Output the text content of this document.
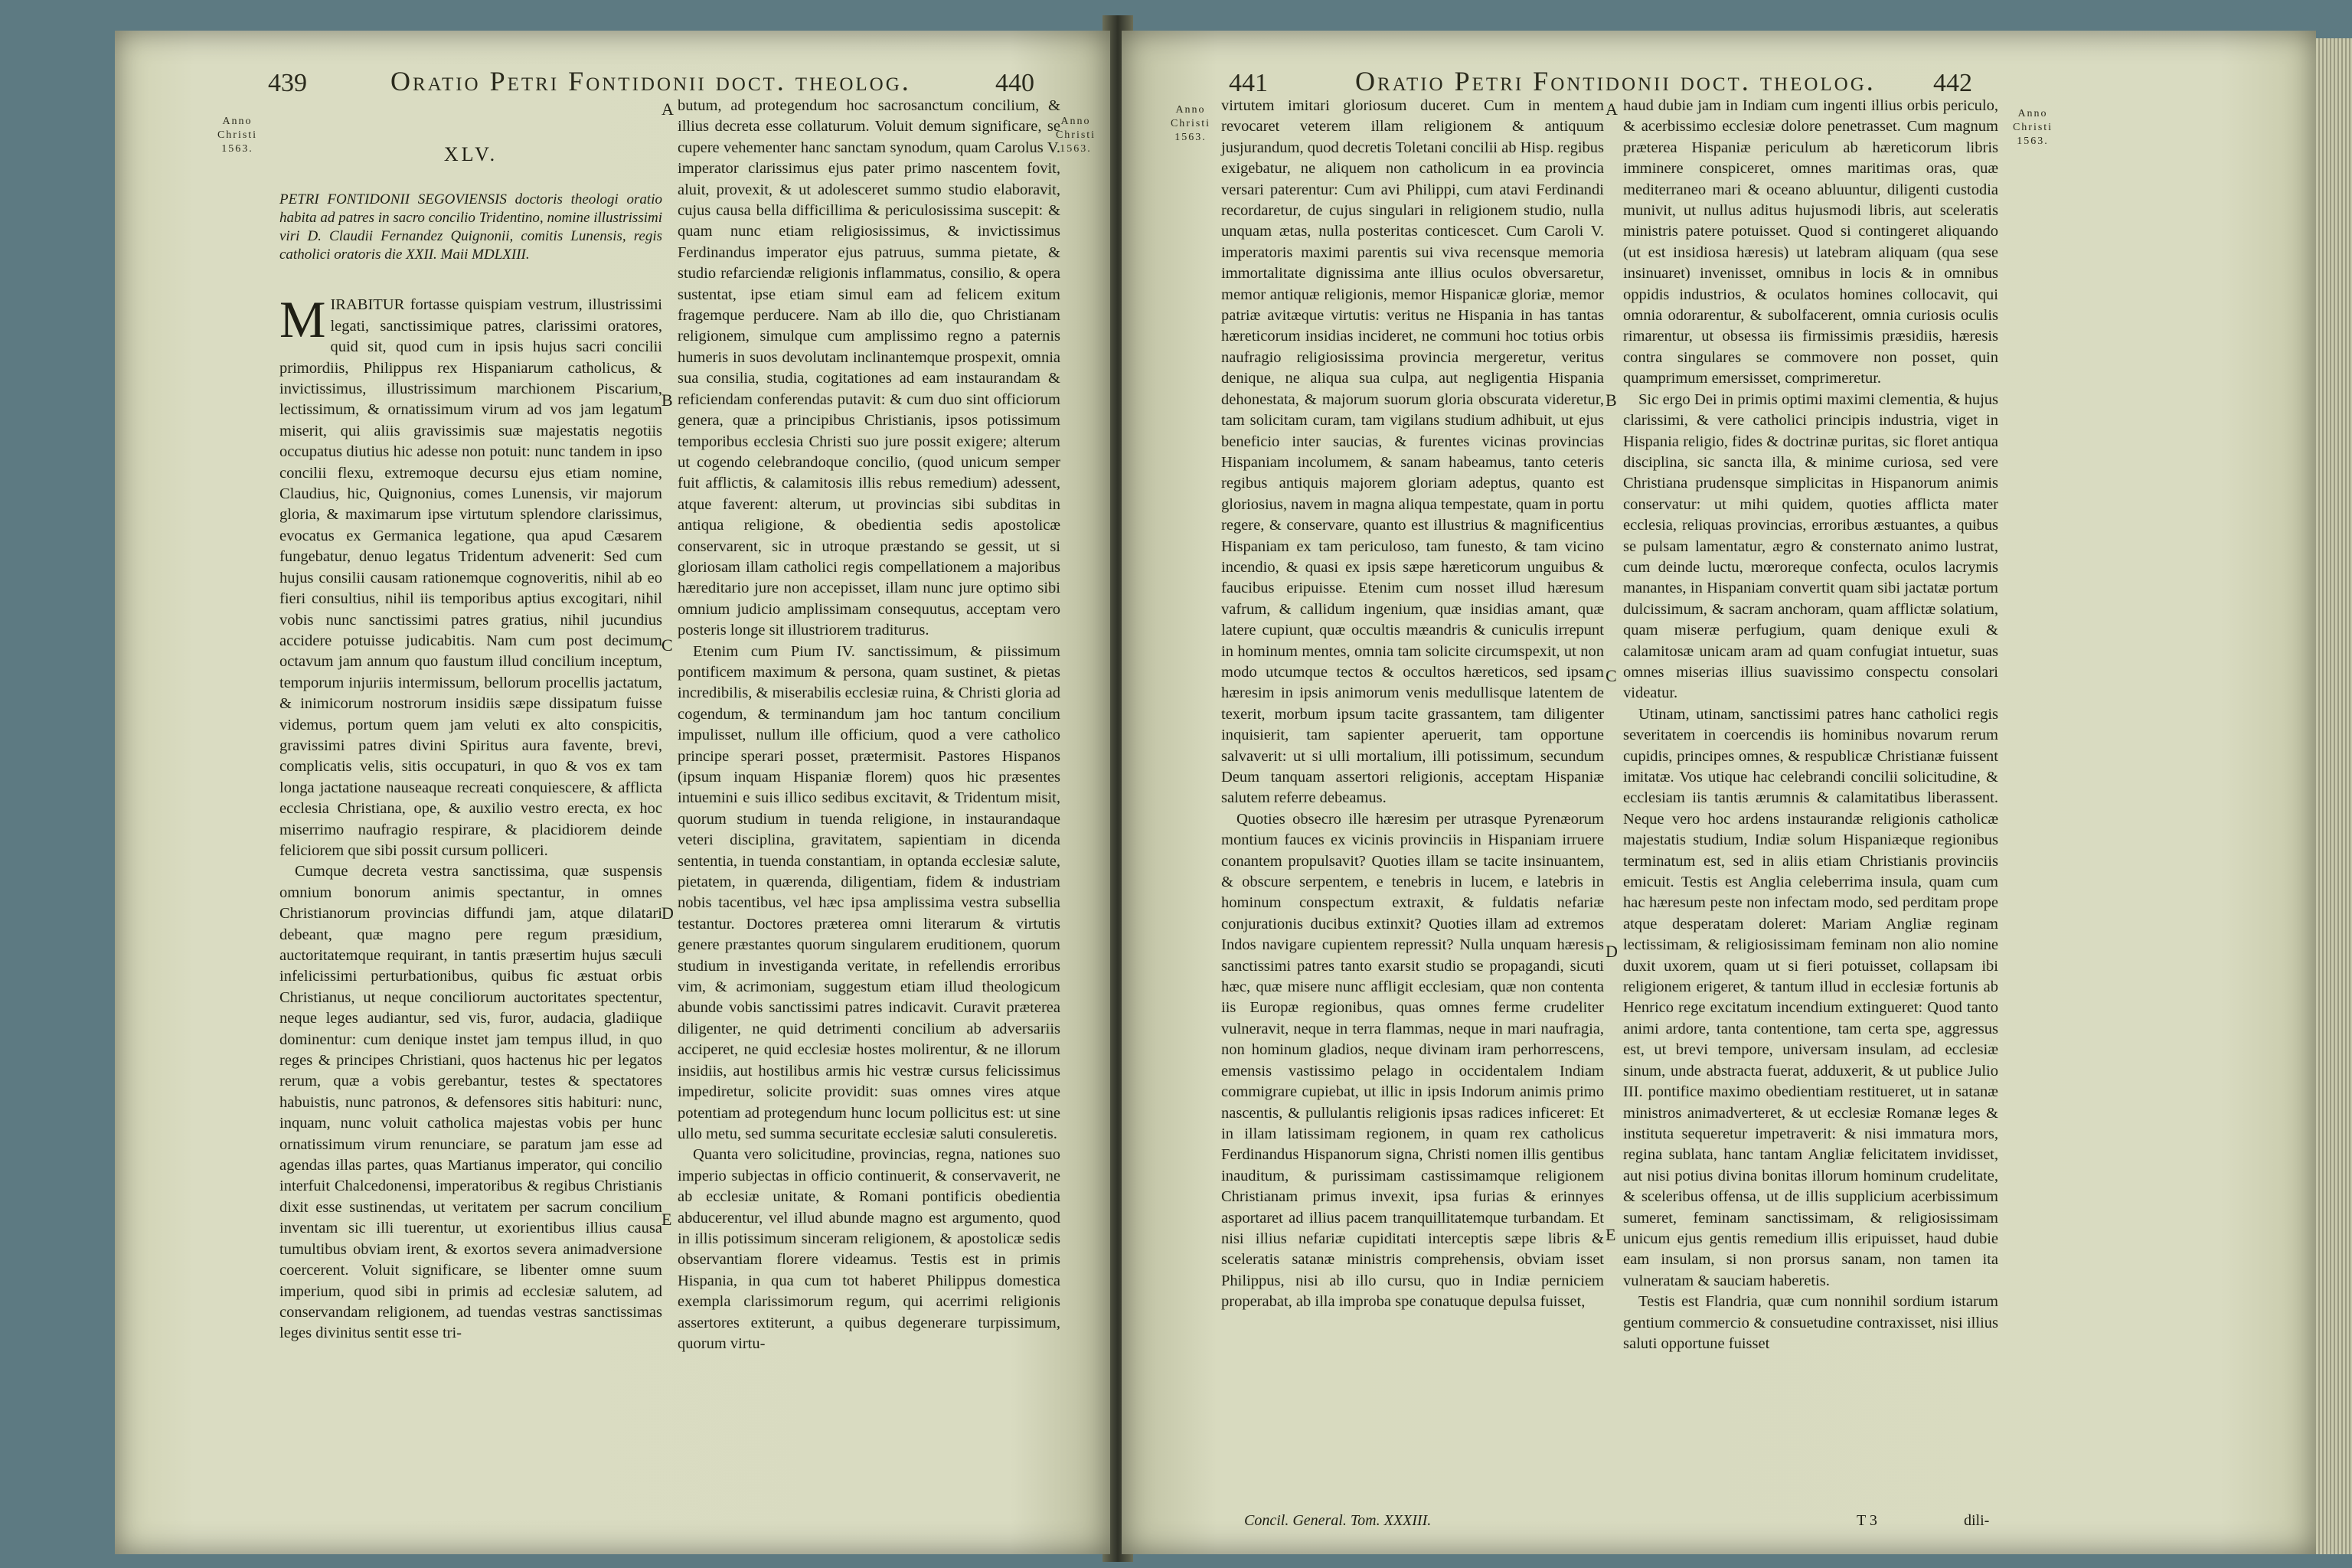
439	Oratio Petri Fontidonii doct. theolog.	440
Anno
Christi
1563.
Anno
Christi
1563.
XLV.

PETRI FONTIDONII SEGOVIENSIS doctoris theologi oratio habita ad patres in sacro concilio Tridentino, nomine illustrissimi viri D. Claudii Fernandez Quignonii, comitis Lunensis, regis catholici oratoris die XXII. Maii MDLXIII.

MIRABITUR fortasse quispiam vestrum, illustrissimi legati, sanctissimique patres, clarissimi oratores, quid sit, quod cum in ipsis hujus sacri concilii primordiis, Philippus rex Hispaniarum catholicus, & invictissimus, illustrissimum marchionem Piscarium, lectissimum, & ornatissimum virum ad vos jam legatum miserit, qui aliis gravissimis suæ majestatis negotiis occupatus diutius hic adesse non potuit: nunc tandem in ipso concilii flexu, extremoque decursu ejus etiam nomine, Claudius, hic, Quignonius, comes Lunensis, vir majorum gloria, & maximarum ipse virtutum splendore clarissimus, evocatus ex Germanica legatione, qua apud Cæsarem fungebatur, denuo legatus Tridentum advenerit: Sed cum hujus consilii causam rationemque cognoveritis, nihil ab eo fieri consultius, nihil iis temporibus aptius excogitari, nihil vobis nunc sanctissimi patres gratius, nihil jucundius accidere potuisse judicabitis. Nam cum post decimum octavum jam annum quo faustum illud concilium inceptum, temporum injuriis intermissum, bellorum procellis jactatum, & inimicorum nostrorum insidiis sæpe dissipatum fuisse videmus, portum quem jam veluti ex alto conspicitis, gravissimi patres divini Spiritus aura favente, brevi, complicatis velis, sitis occupaturi, in quo & vos ex tam longa jactatione nauseaque recreati conquiescere, & afflicta ecclesia Christiana, ope, & auxilio vestro erecta, ex hoc miserrimo naufragio respirare, & placidiorem deinde feliciorem que sibi possit cursum polliceri.

Cumque decreta vestra sanctissima, quæ suspensis omnium bonorum animis spectantur, in omnes Christianorum provincias diffundi jam, atque dilatari debeant, quæ magno pere regum præsidium, auctoritatemque requirant, in tantis præsertim hujus sæculi infelicissimi perturbationibus, quibus fic æstuat orbis Christianus, ut neque conciliorum auctoritates spectentur, neque leges audiantur, sed vis, furor, audacia, gladiique dominentur: cum denique instet jam tempus illud, in quo reges & principes Christiani, quos hactenus hic per legatos rerum, quæ a vobis gerebantur, testes & spectatores habuistis, nunc patronos, & defensores sitis habituri: nunc, inquam, nunc voluit catholica majestas vobis per hunc ornatissimum virum renunciare, se paratum jam esse ad agendas illas partes, quas Martianus imperator, qui concilio interfuit Chalcedonensi, imperatoribus & regibus Christianis dixit esse sustinendas, ut veritatem per sacrum concilium inventam sic illi tuerentur, ut exorientibus illius causa tumultibus obviam irent, & exortos severa animadversione coercerent. Voluit significare, se libenter omne suum imperium, quod sibi in primis ad ecclesiæ salutem, ad conservandam religionem, ad tuendas vestras sanctissimas leges divinitus sentit esse tri-

butum, ad protegendum hoc sacrosanctum concilium, & illius decreta esse collaturum. Voluit demum significare, se cupere vehementer hanc sanctam synodum, quam Carolus V. imperator clarissimus ejus pater primo nascentem fovit, aluit, provexit, & ut adolesceret summo studio elaboravit, cujus causa bella difficillima & periculosissima suscepit: & quam nunc etiam religiosissimus, & invictissimus Ferdinandus imperator ejus patruus, summa pietate, & studio refarciendæ religionis inflammatus, consilio, & opera sustentat, ipse etiam simul eam ad felicem exitum fragemque perducere. Nam ab illo die, quo Christianam religionem, simulque cum amplissimo regno a paternis humeris in suos devolutam inclinantemque prospexit, omnia sua consilia, studia, cogitationes ad eam instaurandam & reficiendam conferendas putavit: & cum duo sint officiorum genera, quæ a principibus Christianis, ipsos potissimum temporibus ecclesia Christi suo jure possit exigere; alterum ut cogendo celebrandoque concilio, (quod unicum semper fuit afflictis, & calamitosis illis rebus remedium) adessent, atque faverent: alterum, ut provincias sibi subditas in antiqua religione, & obedientia sedis apostolicæ conservarent, sic in utroque præstando se gessit, ut si gloriosam illam catholici regis compellationem a majoribus hæreditario jure non accepisset, illam nunc jure optimo sibi omnium judicio amplissimam consequutus, acceptam vero posteris longe sit illustriorem traditurus.

Etenim cum Pium IV. sanctissimum, & piissimum pontificem maximum & persona, quam sustinet, & pietas incredibilis, & miserabilis ecclesiæ ruina, & Christi gloria ad cogendum, & terminandum jam hoc tantum concilium impulisset, nullum ille officium, quod a vere catholico principe sperari posset, prætermisit. Pastores Hispanos (ipsum inquam Hispaniæ florem) quos hic præsentes intuemini e suis illico sedibus excitavit, & Tridentum misit, quorum studium in tuenda religione, in instaurandaque veteri disciplina, gravitatem, sapientiam in dicenda sententia, in tuenda constantiam, in optanda ecclesiæ salute, pietatem, in quærenda, diligentiam, fidem & industriam nobis tacentibus, vel hæc ipsa amplissima vestra subsellia testantur. Doctores præterea omni literarum & virtutis genere præstantes quorum singularem eruditionem, quorum studium in investiganda veritate, in refellendis erroribus vim, & acrimoniam, suggestum etiam illud theologicum abunde vobis sanctissimi patres indicavit. Curavit præterea diligenter, ne quid detrimenti concilium ab adversariis acciperet, ne quid ecclesiæ hostes molirentur, & ne illorum insidiis, aut hostilibus armis hic vestræ cursus felicissimus impediretur, solicite providit: suas omnes vires atque potentiam ad protegendum hunc locum pollicitus est: ut sine ullo metu, sed summa securitate ecclesiæ saluti consuleretis.

Quanta vero solicitudine, provincias, regna, nationes suo imperio subjectas in officio continuerit, & conservaverit, ne ab ecclesiæ unitate, & Romani pontificis obedientia abducerentur, vel illud abunde magno est argumento, quod in illis potissimum sinceram religionem, & apostolicæ sedis observantiam florere videamus. Testis est in primis Hispania, in qua cum tot haberet Philippus domestica exempla clarissimorum regum, qui acerrimi religionis assertores extiterunt, a quibus degenerare turpissimum, quorum virtu-

A
B
C
D
E
441	Oratio Petri Fontidonii doct. theolog. 442
Anno
Christi
1563.
Anno
Christi
1563.

virtutem imitari gloriosum duceret. Cum in mentem revocaret veterem illam religionem & antiquum jusjurandum, quod decretis Toletani concilii ab Hisp. regibus exigebatur, ne aliquem non catholicum in ea provincia versari paterentur: Cum avi Philippi, cum atavi Ferdinandi recordaretur, de cujus singulari in religionem studio, nulla unquam ætas, nulla posteritas conticescet. Cum Caroli V. imperatoris maximi parentis sui viva recensque memoria immortalitate dignissima ante illius oculos obversaretur, memor antiquæ religionis, memor Hispanicæ gloriæ, memor patriæ avitæque virtutis: veritus ne Hispania in has tantas hæreticorum insidias incideret, ne communi hoc totius orbis naufragio religiosissima provincia mergeretur, veritus denique, ne aliqua sua culpa, aut negligentia Hispania dehonestata, & majorum suorum gloria obscurata videretur, tam solicitam curam, tam vigilans studium adhibuit, ut ejus beneficio inter saucias, & furentes vicinas provincias Hispaniam incolumem, & sanam habeamus, tanto ceteris regibus antiquis majorem gloriam adeptus, quanto est gloriosius, navem in magna aliqua tempestate, quam in portu regere, & conservare, quanto est illustrius & magnificentius Hispaniam ex tam periculoso, tam funesto, & tam vicino incendio, & quasi ex ipsis sæpe hæreticorum unguibus & faucibus eripuisse. Etenim cum nosset illud hæresum vafrum, & callidum ingenium, quæ insidias amant, quæ latere cupiunt, quæ occultis mæandris & cuniculis irrepunt in hominum mentes, omnia tam solicite circumspexit, ut non modo utcumque tectos & occultos hæreticos, sed ipsam hæresim in ipsis animorum venis medullisque latentem de texerit, morbum ipsum tacite grassantem, tam diligenter inquisierit, tam sapienter aperuerit, tam opportune salvaverit: ut si ulli mortalium, illi potissimum, secundum Deum tanquam assertori religionis, acceptam Hispaniæ salutem referre debeamus.

Quoties obsecro ille hæresim per utrasque Pyrenæorum montium fauces ex vicinis provinciis in Hispaniam irruere conantem propulsavit? Quoties illam se tacite insinuantem, & obscure serpentem, e tenebris in lucem, e latebris in hominum conspectum extraxit, & fuldatis nefariæ conjurationis ducibus extinxit? Quoties illam ad extremos Indos navigare cupientem repressit? Nulla unquam hæresis sanctissimi patres tanto exarsit studio se propagandi, sicuti hæc, quæ misere nunc affligit ecclesiam, quæ non contenta iis Europæ regionibus, quas omnes ferme crudeliter vulneravit, neque in terra flammas, neque in mari naufragia, non hominum gladios, neque divinam iram perhorrescens, emensis vastissimo pelago in occidentalem Indiam commigrare cupiebat, ut illic in ipsis Indorum animis primo nascentis, & pullulantis religionis ipsas radices inficeret: Et in illam latissimam regionem, in quam rex catholicus Ferdinandus Hispanorum signa, Christi nomen illis gentibus inauditum, & purissimam castissimamque religionem Christianam primus invexit, ipsa furias & erinnyes asportaret ad illius pacem tranquillitatemque turbandam. Et nisi illius nefariæ cupiditati interceptis sæpe libris & sceleratis satanæ ministris comprehensis, obviam isset Philippus, nisi ab illo cursu, quo in Indiæ perniciem properabat, ab illa improba spe conatuque depulsa fuisset,

haud dubie jam in Indiam cum ingenti illius orbis periculo, & acerbissimo ecclesiæ dolore penetrasset. Cum magnum præterea Hispaniæ periculum ab hæreticorum libris imminere conspiceret, omnes maritimas oras, quæ mediterraneo mari & oceano abluuntur, diligenti custodia munivit, ut nullus aditus hujusmodi libris, aut sceleratis ministris patere potuisset. Quod si contingeret aliquando (ut est insidiosa hæresis) ut latebram aliquam (qua sese insinuaret) invenisset, omnibus in locis & in omnibus oppidis industrios, & oculatos homines collocavit, qui omnia odorarentur, & subolfacerent, omnia curiosis oculis rimarentur, ut obsessa iis firmissimis præsidiis, hæresis contra singulares se commovere non posset, quin quamprimum emersisset, comprimeretur.

Sic ergo Dei in primis optimi maximi clementia, & hujus clarissimi, & vere catholici principis industria, viget in Hispania religio, fides & doctrinæ puritas, sic floret antiqua disciplina, sic sancta illa, & minime curiosa, sed vere Christiana prudensque simplicitas in Hispanorum animis conservatur: ut mihi quidem, quoties afflicta mater ecclesia, reliquas provincias, erroribus æstuantes, a quibus se pulsam lamentatur, ægro & consternato animo lustrat, cum deinde luctu, mœroreque confecta, oculos lacrymis manantes, in Hispaniam convertit quam sibi jactatæ portum dulcissimum, & sacram anchoram, quam afflictæ solatium, quam miseræ perfugium, quam denique exuli & calamitosæ unicam aram ad quam confugiat intuetur, suas omnes miserias illius suavissimo conspectu consolari videatur.

Utinam, utinam, sanctissimi patres hanc catholici regis severitatem in coercendis iis hominibus novarum rerum cupidis, principes omnes, & respublicæ Christianæ fuissent imitatæ. Vos utique hac celebrandi concilii solicitudine, & ecclesiam iis tantis ærumnis & calamitatibus liberassent. Neque vero hoc ardens instaurandæ religionis catholicæ majestatis studium, Indiæ solum Hispaniæque regionibus terminatum est, sed in aliis etiam Christianis provinciis emicuit. Testis est Anglia celeberrima insula, quam cum hac hæresum peste non infectam modo, sed perditam prope atque desperatam doleret: Mariam Angliæ reginam lectissimam, & religiosissimam feminam non alio nomine duxit uxorem, quam ut si fieri potuisset, collapsam ibi religionem erigeret, & tantum illud in ecclesiæ fortunis ab Henrico rege excitatum incendium extingueret: Quod tanto animi ardore, tanta contentione, tam certa spe, aggressus est, ut brevi tempore, universam insulam, ad ecclesiæ sinum, unde abstracta fuerat, adduxerit, & ut publice Julio III. pontifice maximo obedientiam restitueret, ut in satanæ ministros animadverteret, & ut ecclesiæ Romanæ leges & instituta sequeretur impetraverit: & nisi immatura mors, regina sublata, hanc tantam Angliæ felicitatem invidisset, aut nisi potius divina bonitas illorum hominum crudelitate, & sceleribus offensa, ut de illis supplicium acerbissimum sumeret, feminam sanctissimam, & religiosissimam unicum ejus gentis remedium illis eripuisset, haud dubie eam insulam, si non prorsus sanam, non tamen ita vulneratam & sauciam haberetis.

Testis est Flandria, quæ cum nonnihil sordium istarum gentium commercio & consuetudine contraxisset, nisi illius saluti opportune fuisset

A
B
C
D
E
Concil. General. Tom. XXXIII.	T 3	dili-
